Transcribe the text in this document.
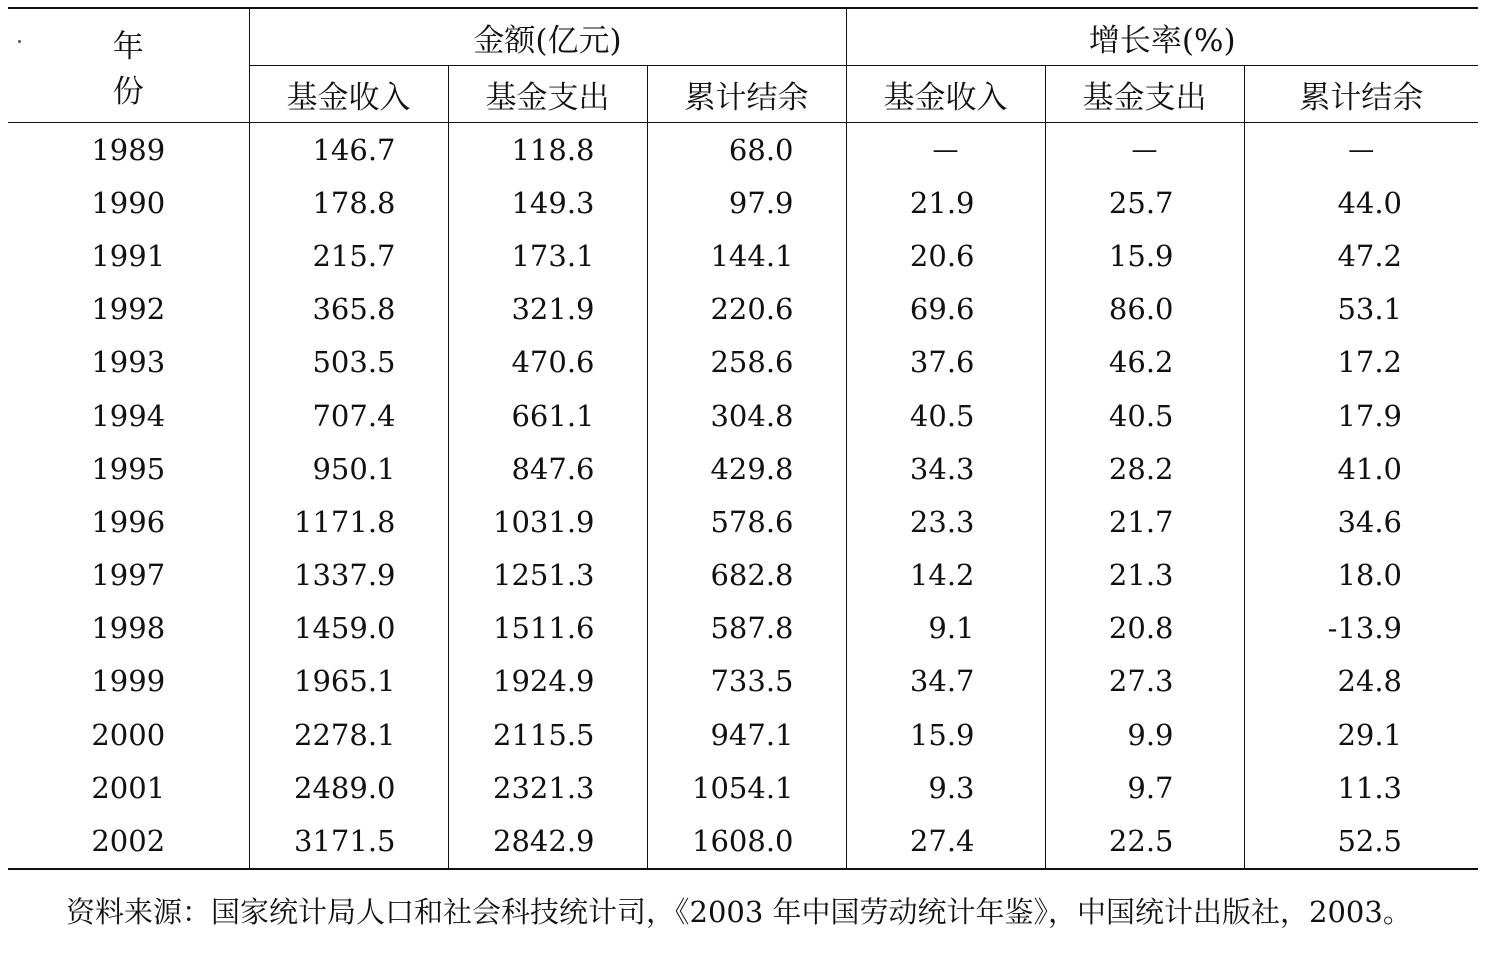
年　份	金额(亿元)			增长率(%)		
	基金收入	基金支出	累计结余	基金收入	基金支出	累计结余
1989	146.7	118.8	68.0	—	—	—
1990	178.8	149.3	97.9	21.9	25.7	44.0
1991	215.7	173.1	144.1	20.6	15.9	47.2
1992	365.8	321.9	220.6	69.6	86.0	53.1
1993	503.5	470.6	258.6	37.6	46.2	17.2
1994	707.4	661.1	304.8	40.5	40.5	17.9
1995	950.1	847.6	429.8	34.3	28.2	41.0
1996	1171.8	1031.9	578.6	23.3	21.7	34.6
1997	1337.9	1251.3	682.8	14.2	21.3	18.0
1998	1459.0	1511.6	587.8	9.1	20.8	-13.9
1999	1965.1	1924.9	733.5	34.7	27.3	24.8
2000	2278.1	2115.5	947.1	15.9	9.9	29.1
2001	2489.0	2321.3	1054.1	9.3	9.7	11.3
2002	3171.5	2842.9	1608.0	27.4	22.5	52.5
资料来源：国家统计局人口和社会科技统计司，《2003 年中国劳动统计年鉴》，中国统计出版社，2003。
